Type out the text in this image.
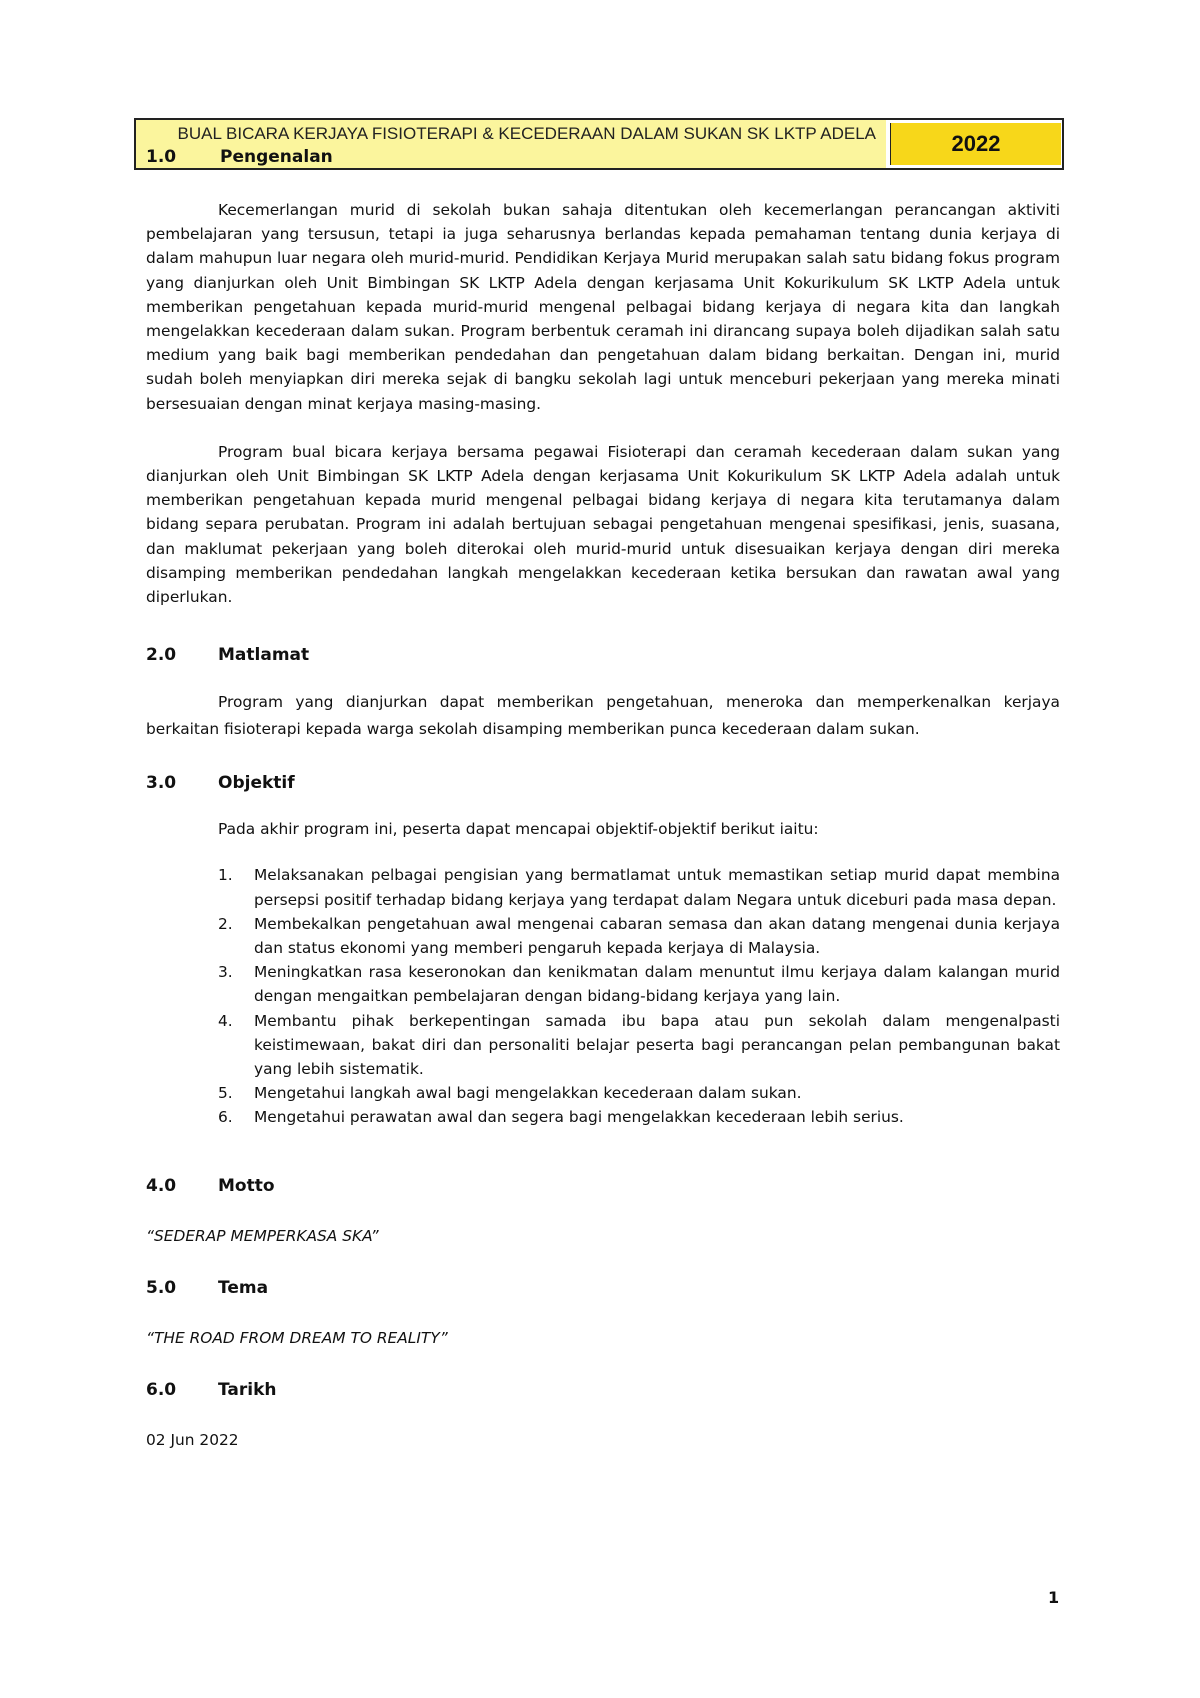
BUAL BICARA KERJAYA FISIOTERAPI & KECEDERAAN DALAM SUKAN SK LKTP ADELA	2022
1.0	Pengenalan

Kecemerlangan murid di sekolah bukan sahaja ditentukan oleh kecemerlangan perancangan aktiviti pembelajaran yang tersusun, tetapi ia juga seharusnya berlandas kepada pemahaman tentang dunia kerjaya di dalam mahupun luar negara oleh murid-murid. Pendidikan Kerjaya Murid merupakan salah satu bidang fokus program yang dianjurkan oleh Unit Bimbingan SK LKTP Adela dengan kerjasama Unit Kokurikulum SK LKTP Adela untuk memberikan pengetahuan kepada murid-murid mengenal pelbagai bidang kerjaya di negara kita dan langkah mengelakkan kecederaan dalam sukan. Program berbentuk ceramah ini dirancang supaya boleh dijadikan salah satu medium yang baik bagi memberikan pendedahan dan pengetahuan dalam bidang berkaitan. Dengan ini, murid sudah boleh menyiapkan diri mereka sejak di bangku sekolah lagi untuk menceburi pekerjaan yang mereka minati bersesuaian dengan minat kerjaya masing-masing.

Program bual bicara kerjaya bersama pegawai Fisioterapi dan ceramah kecederaan dalam sukan yang dianjurkan oleh Unit Bimbingan SK LKTP Adela dengan kerjasama Unit Kokurikulum SK LKTP Adela adalah untuk memberikan pengetahuan kepada murid mengenal pelbagai bidang kerjaya di negara kita terutamanya dalam bidang separa perubatan. Program ini adalah bertujuan sebagai pengetahuan mengenai spesifikasi, jenis, suasana, dan maklumat pekerjaan yang boleh diterokai oleh murid-murid untuk disesuaikan kerjaya dengan diri mereka disamping memberikan pendedahan langkah mengelakkan kecederaan ketika bersukan dan rawatan awal yang diperlukan.

2.0	Matlamat

Program yang dianjurkan dapat memberikan pengetahuan, meneroka dan memperkenalkan kerjaya berkaitan fisioterapi kepada warga sekolah disamping memberikan punca kecederaan dalam sukan.

3.0	Objektif
Pada akhir program ini, peserta dapat mencapai objektif-objektif berikut iaitu:
1.	Melaksanakan pelbagai pengisian yang bermatlamat untuk memastikan setiap murid dapat membina persepsi positif terhadap bidang kerjaya yang terdapat dalam Negara untuk diceburi pada masa depan.
2.	Membekalkan pengetahuan awal mengenai cabaran semasa dan akan datang mengenai dunia kerjaya dan status ekonomi yang memberi pengaruh kepada kerjaya di Malaysia.
3.	Meningkatkan rasa keseronokan dan kenikmatan dalam menuntut ilmu kerjaya dalam kalangan murid dengan mengaitkan pembelajaran dengan bidang-bidang kerjaya yang lain.
4.	Membantu pihak berkepentingan samada ibu bapa atau pun sekolah dalam mengenalpasti keistimewaan, bakat diri dan personaliti belajar peserta bagi perancangan pelan pembangunan bakat yang lebih sistematik.
5.	Mengetahui langkah awal bagi mengelakkan kecederaan dalam sukan.
6.	Mengetahui perawatan awal dan segera bagi mengelakkan kecederaan lebih serius.
4.0	Motto
“SEDERAP MEMPERKASA SKA”
5.0	Tema
“THE ROAD FROM DREAM TO REALITY”
6.0	Tarikh
02 Jun 2022
1
